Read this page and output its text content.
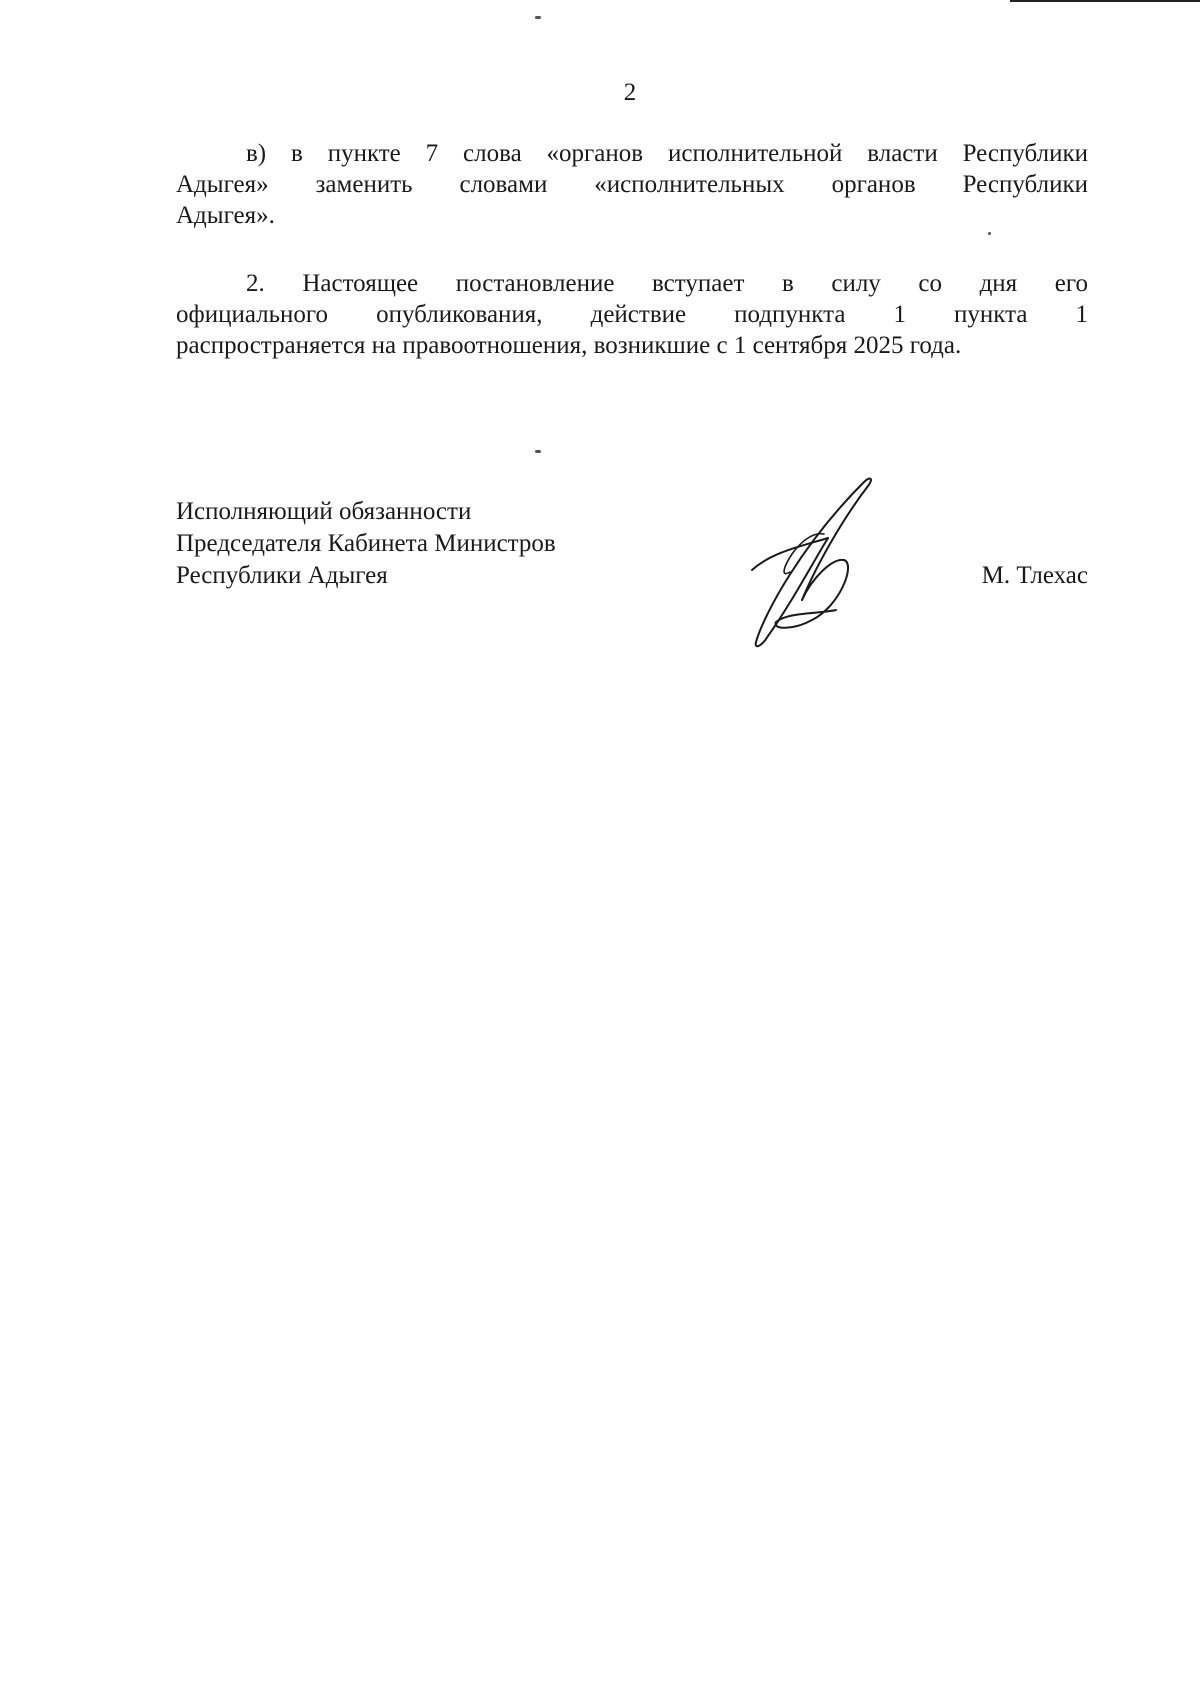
2
в) в пункте 7 слова «органов исполнительной власти Республики
Адыгея» заменить словами «исполнительных органов Республики
Адыгея».
2. Настоящее постановление вступает в силу со дня его
официального опубликования, действие подпункта 1 пункта 1
распространяется на правоотношения, возникшие с 1 сентября 2025 года.
Исполняющий обязанности
Председателя Кабинета Министров
Республики Адыгея	М. Тлехас
